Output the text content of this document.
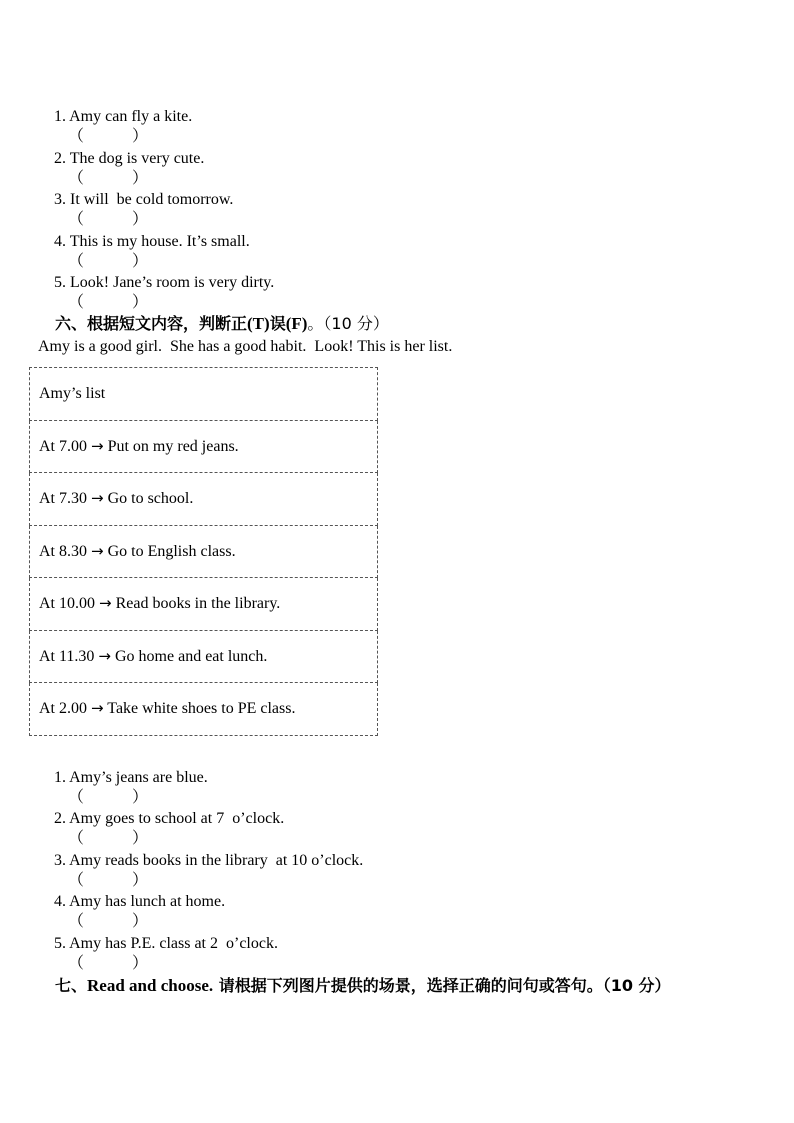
1. Amy can fly a kite.
（            ）

2. The dog is very cute.
（            ）

3. It will  be cold tomorrow.
（            ）

4. This is my house. It’s small.
（            ）

5. Look! Jane’s room is very dirty.
（            ）

六、根据短文内容，判断正(T)误(F)。（10 分）

Amy is a good girl.  She has a good habit.  Look! This is her list.
Amy’s list
At 7.00 → Put on my red jeans.
At 7.30 → Go to school.
At 8.30 → Go to English class.
At 10.00 → Read books in the library.
At 11.30 → Go home and eat lunch.
At 2.00 → Take white shoes to PE class.

1. Amy’s jeans are blue.
（            ）

2. Amy goes to school at 7  o’clock.
（            ）

3. Amy reads books in the library  at 10 o’clock.
（            ）

4. Amy has lunch at home.
（            ）

5. Amy has P.E. class at 2  o’clock.
（            ）

七、Read and choose. 请根据下列图片提供的场景，选择正确的问句或答句。（10 分）
